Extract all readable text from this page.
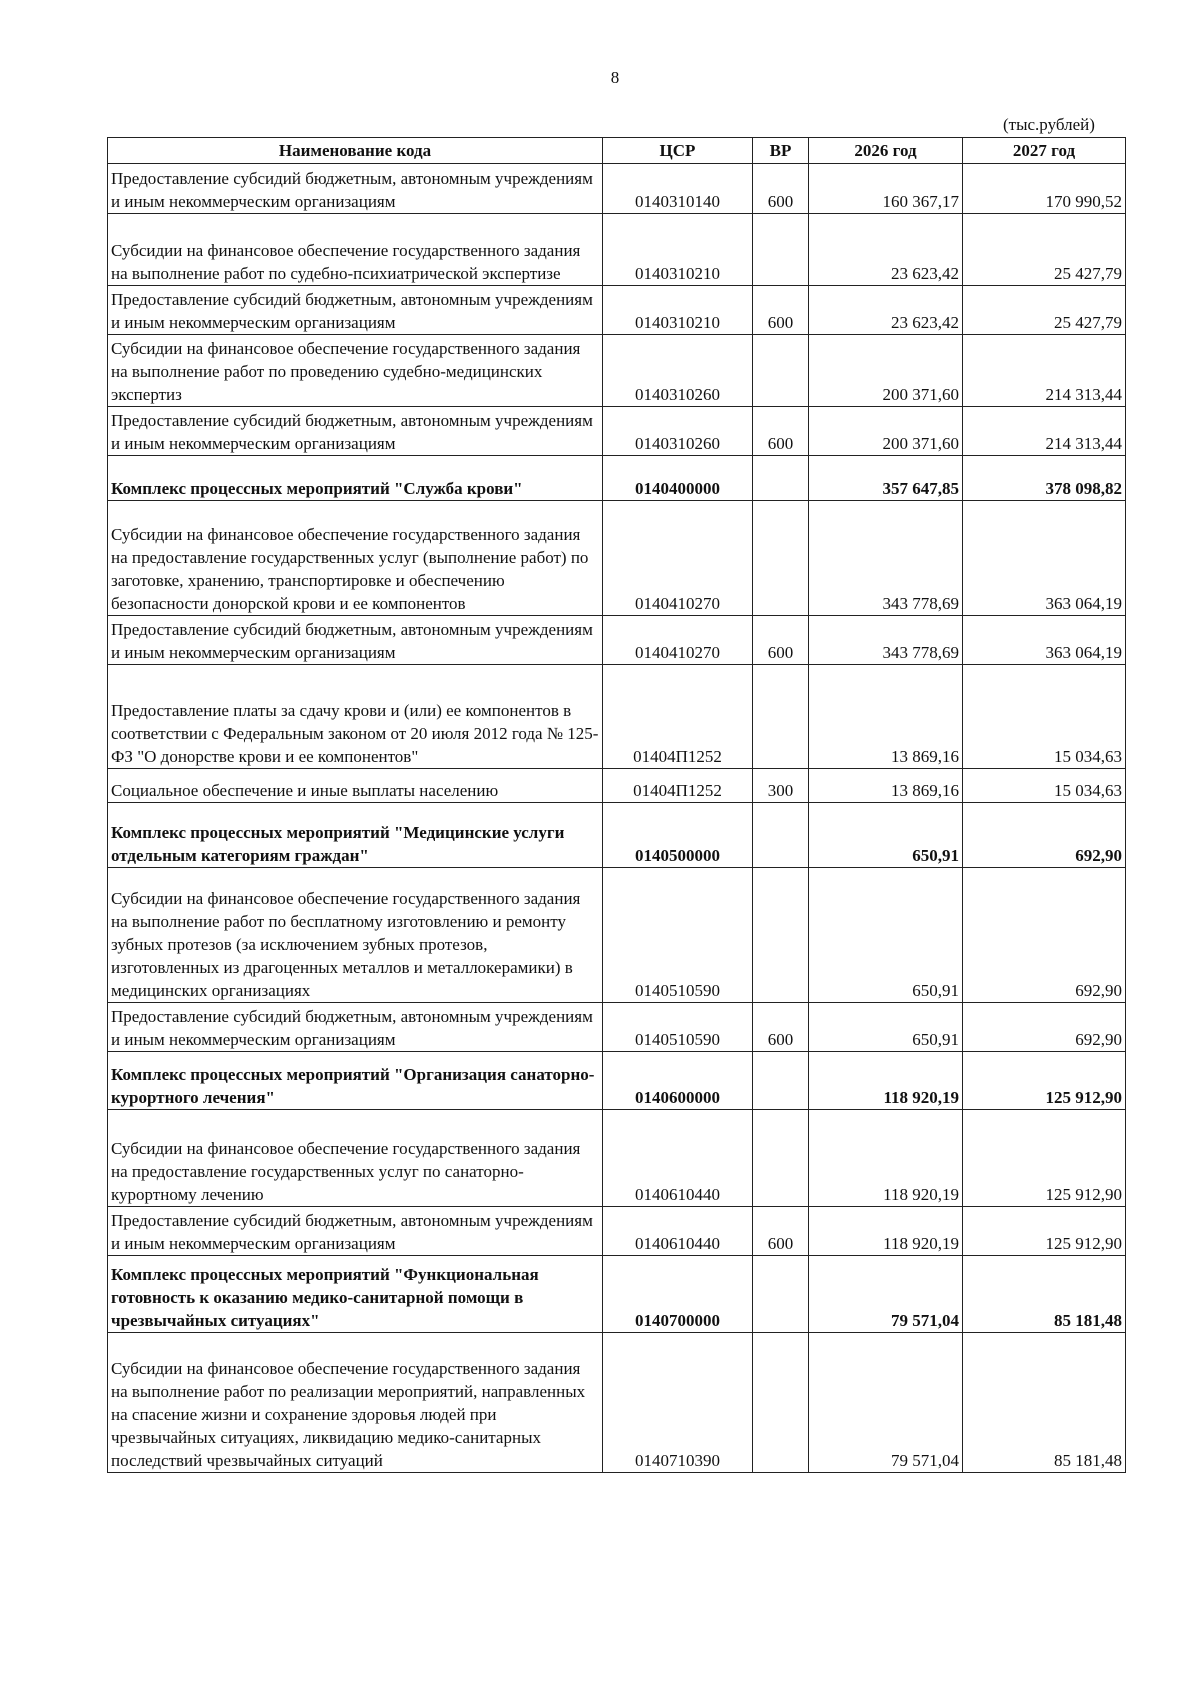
8
(тыс.рублей)
Наименование кода	ЦСР	ВР	2026 год	2027 год
Предоставление субсидий бюджетным, автономным учреждениям и иным некоммерческим организациям	0140310140	600	160 367,17	170 990,52
Субсидии на финансовое обеспечение государственного задания на выполнение работ по судебно-психиатрической экспертизе	0140310210		23 623,42	25 427,79
Предоставление субсидий бюджетным, автономным учреждениям и иным некоммерческим организациям	0140310210	600	23 623,42	25 427,79
Субсидии на финансовое обеспечение государственного задания на выполнение работ по проведению судебно-медицинских экспертиз	0140310260		200 371,60	214 313,44
Предоставление субсидий бюджетным, автономным учреждениям и иным некоммерческим организациям	0140310260	600	200 371,60	214 313,44
Комплекс процессных мероприятий "Служба крови"	0140400000		357 647,85	378 098,82
Субсидии на финансовое обеспечение государственного задания на предоставление государственных услуг (выполнение работ) по заготовке, хранению, транспортировке и обеспечению безопасности донорской крови и ее компонентов	0140410270		343 778,69	363 064,19
Предоставление субсидий бюджетным, автономным учреждениям и иным некоммерческим организациям	0140410270	600	343 778,69	363 064,19
Предоставление платы за сдачу крови и (или) ее компонентов в соответствии с Федеральным законом от 20 июля 2012 года № 125-ФЗ "О донорстве крови и ее компонентов"	01404П1252		13 869,16	15 034,63
Социальное обеспечение и иные выплаты населению	01404П1252	300	13 869,16	15 034,63
Комплекс процессных мероприятий "Медицинские услуги отдельным категориям граждан"	0140500000		650,91	692,90
Субсидии на финансовое обеспечение государственного задания на выполнение работ по бесплатному изготовлению и ремонту зубных протезов (за исключением зубных протезов, изготовленных из драгоценных металлов и металлокерамики) в медицинских организациях	0140510590		650,91	692,90
Предоставление субсидий бюджетным, автономным учреждениям и иным некоммерческим организациям	0140510590	600	650,91	692,90
Комплекс процессных мероприятий "Организация санаторно-курортного лечения"	0140600000		118 920,19	125 912,90
Субсидии на финансовое обеспечение государственного задания на предоставление государственных услуг по санаторно-курортному лечению	0140610440		118 920,19	125 912,90
Предоставление субсидий бюджетным, автономным учреждениям и иным некоммерческим организациям	0140610440	600	118 920,19	125 912,90
Комплекс процессных мероприятий "Функциональная готовность к оказанию медико-санитарной помощи в чрезвычайных ситуациях"	0140700000		79 571,04	85 181,48
Субсидии на финансовое обеспечение государственного задания на выполнение работ по реализации мероприятий, направленных на спасение жизни и сохранение здоровья людей при чрезвычайных ситуациях, ликвидацию медико-санитарных последствий чрезвычайных ситуаций	0140710390		79 571,04	85 181,48
